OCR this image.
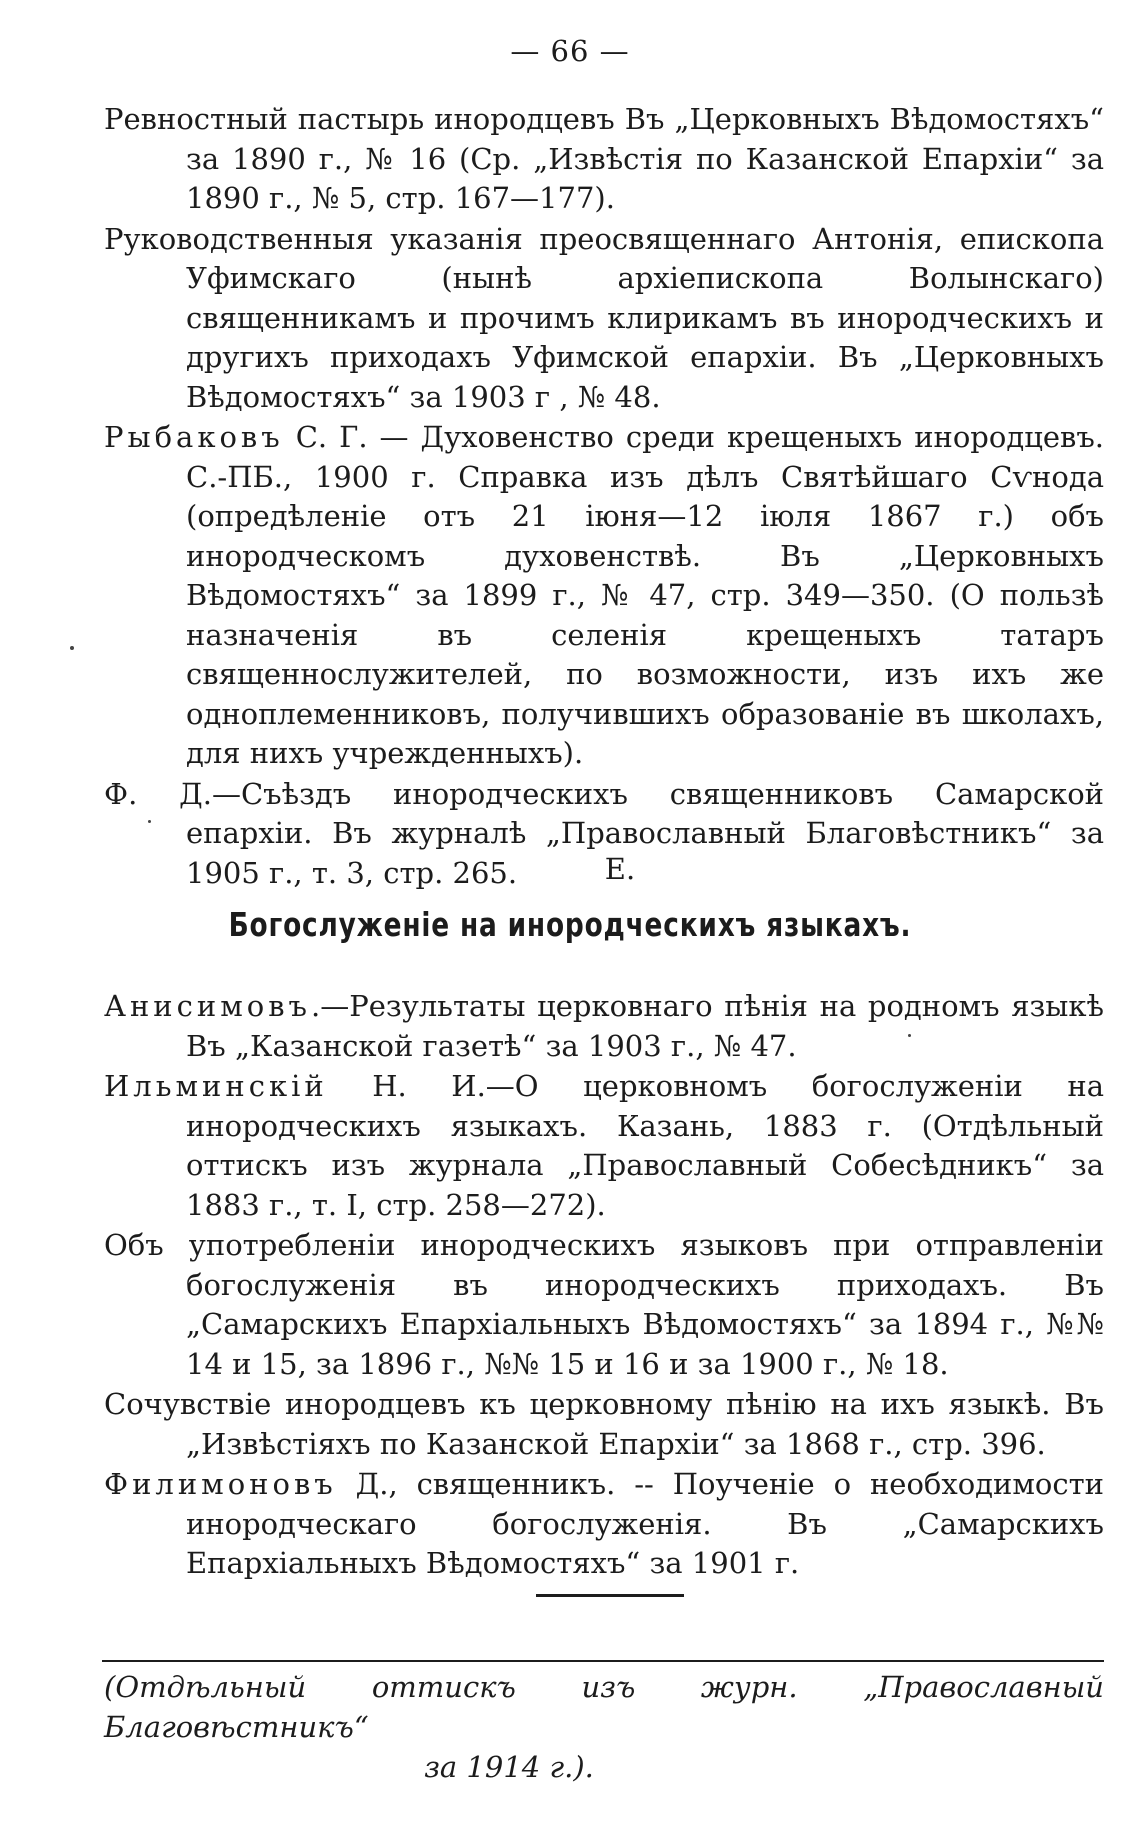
— 66 —

Ревностный пастырь инородцевъ Въ „Церковныхъ Вѣдомостяхъ“ за 1890 г., № 16 (Ср. „Извѣстія по Казанской Епархіи“ за 1890 г., № 5, стр. 167—177).

Руководственныя указанія преосвященнаго Антонія, епископа Уфимскаго (нынѣ архіепископа Волынскаго) священникамъ и прочимъ клирикамъ въ инородческихъ и другихъ приходахъ Уфимской епархіи. Въ „Церковныхъ Вѣдомостяхъ“ за 1903 г , № 48.

Рыбаковъ С. Г. — Духовенство среди крещеныхъ инородцевъ. С.-ПБ., 1900 г. Справка изъ дѣлъ Святѣйшаго Сѵнода (опредѣленіе отъ 21 іюня—12 іюля 1867 г.) объ инородческомъ духовенствѣ. Въ „Церковныхъ Вѣдомостяхъ“ за 1899 г., № 47, стр. 349—350. (О пользѣ назначенія въ селенія крещеныхъ татаръ священнослужителей, по возможности, изъ ихъ же одноплеменниковъ, получившихъ образованіе въ школахъ, для нихъ учрежденныхъ).

Ф. Д.—Съѣздъ инородческихъ священниковъ Самарской епархіи. Въ журналѣ „Православный Благовѣстникъ“ за 1905 г., т. 3, стр. 265.	Е.
Богослуженіе на инородческихъ языкахъ.

Анисимовъ.—Результаты церковнаго пѣнія на родномъ языкѣ Въ „Казанской газетѣ“ за 1903 г., № 47.

Ильминскій Н. И.—О церковномъ богослуженіи на инородческихъ языкахъ. Казань, 1883 г. (Отдѣльный оттискъ изъ журнала „Православный Собесѣдникъ“ за 1883 г., т. I, стр. 258—272).

Объ употребленіи инородческихъ языковъ при отправленіи богослуженія въ инородческихъ приходахъ. Въ „Самарскихъ Епархіальныхъ Вѣдомостяхъ“ за 1894 г., №№ 14 и 15, за 1896 г., №№ 15 и 16 и за 1900 г., № 18.

Сочувствіе инородцевъ къ церковному пѣнію на ихъ языкѣ. Въ „Извѣстіяхъ по Казанской Епархіи“ за 1868 г., стр. 396.

Филимоновъ Д., священникъ. -- Поученіе о необходимости инородческаго богослуженія. Въ „Самарскихъ Епархіальныхъ Вѣдомостяхъ“ за 1901 г.

(Отдѣльный оттискъ изъ журн. „Православный Благовѣстникъ“
за 1914 г.).
